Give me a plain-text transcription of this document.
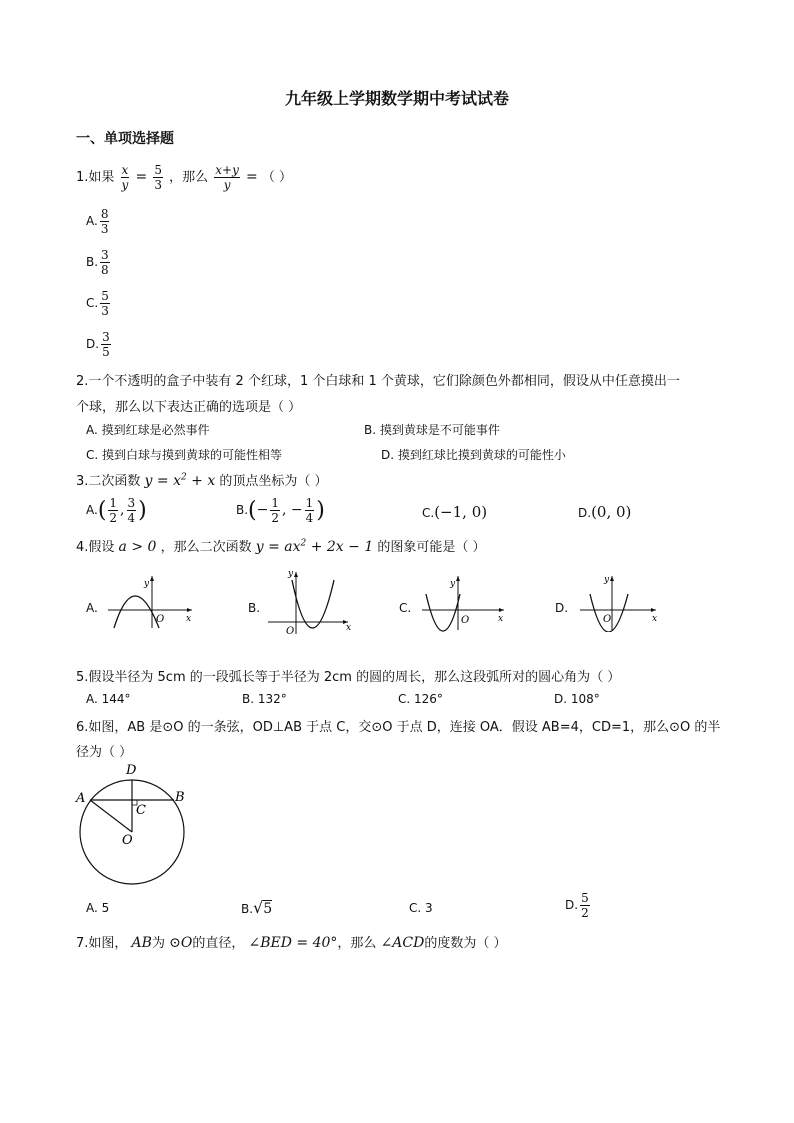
九年级上学期数学期中考试试卷
一、单项选择题
1.如果 $\frac{x}{y} = \frac{5}{3}$ ，那么 $\frac{x+y}{y}$ = （ ）
A. $\frac{8}{3}$
B. $\frac{3}{8}$
C. $\frac{5}{3}$
D. $\frac{3}{5}$
2.一个不透明的盒子中装有 2 个红球，1 个白球和 1 个黄球，它们除颜色外都相同，假设从中任意摸出一
个球，那么以下表达正确的选项是（ ）
A. 摸到红球是必然事件	B. 摸到黄球是不可能事件
C. 摸到白球与摸到黄球的可能性相等	D. 摸到红球比摸到黄球的可能性小
3.二次函数 $y = x^2 + x$ 的顶点坐标为（ ）
$A.( \frac{1}{2}$ , $\frac{3}{4}$ )	$B.(- \frac{1}{2}$ , − $\frac{1}{4}$ )	C.(−1, 0)	D.(0, 0)
4.假设 a > 0 ，那么二次函数 $y = ax^2 + 2x - 1$ 的图象可能是（ ）
A.
y
x
O
B.
y
x
O
C.
y
x
O
D.
y
x
O
5.假设半径为 5cm 的一段弧长等于半径为 2cm 的圆的周长，那么这段弧所对的圆心角为（ ）
A. 144°	B. 132°	C. 126°	D. 108°
6.如图，AB 是⊙O 的一条弦，OD⊥AB 于点 C，交⊙O 于点 D，连接 OA．假设 AB=4，CD=1，那么⊙O 的半
径为（ ）
A	B
C
D
O
A. 5	B.√5	C. 3	D. $\frac{5}{2}$
7.如图， AB为 ⊙O的直径， ∠BED = 40°，那么 ∠ACD的度数为（ ）
